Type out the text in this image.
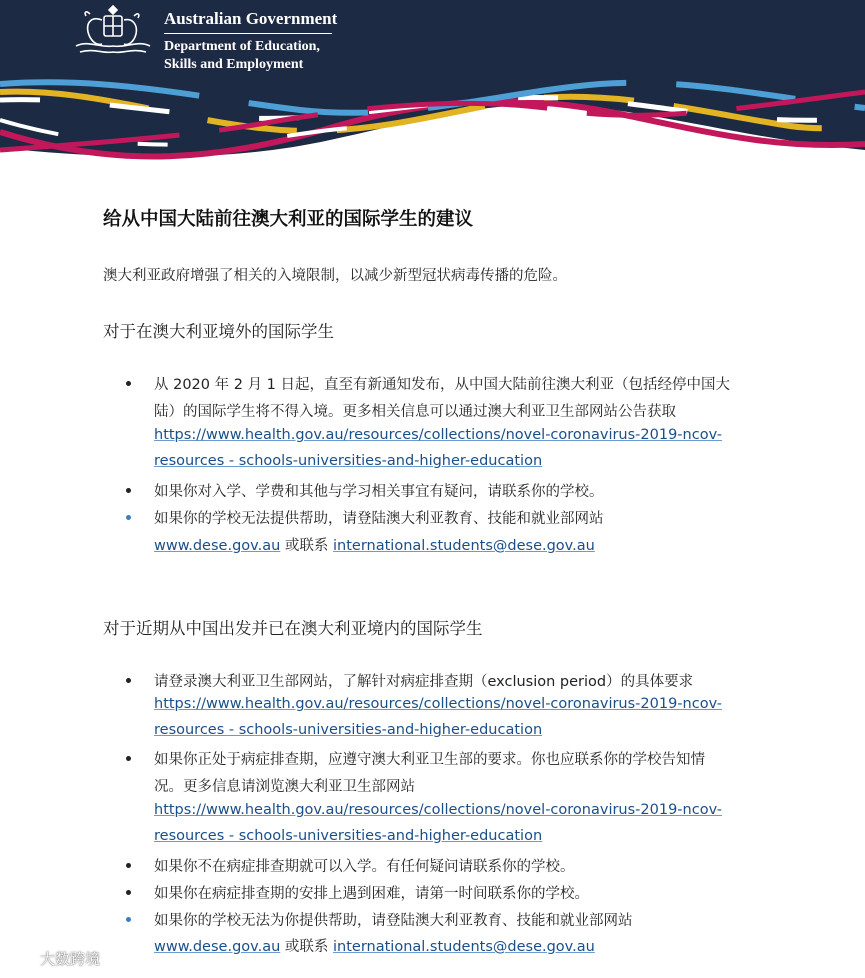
Australian Government
Department of Education,
Skills and Employment
给从中国大陆前往澳大利亚的国际学生的建议
澳大利亚政府增强了相关的入境限制，以减少新型冠状病毒传播的危险。
对于在澳大利亚境外的国际学生
从 2020 年 2 月 1 日起，直至有新通知发布，从中国大陆前往澳大利亚（包括经停中国大
陆）的国际学生将不得入境。更多相关信息可以通过澳大利亚卫生部网站公告获取
https://www.health.gov.au/resources/collections/novel-coronavirus-2019-ncov-
resources - schools-universities-and-higher-education
如果你对入学、学费和其他与学习相关事宜有疑问，请联系你的学校。
如果你的学校无法提供帮助，请登陆澳大利亚教育、技能和就业部网站
www.dese.gov.au 或联系 international.students@dese.gov.au
对于近期从中国出发并已在澳大利亚境内的国际学生
请登录澳大利亚卫生部网站，了解针对病症排查期（exclusion period）的具体要求
https://www.health.gov.au/resources/collections/novel-coronavirus-2019-ncov-
resources - schools-universities-and-higher-education
如果你正处于病症排查期，应遵守澳大利亚卫生部的要求。你也应联系你的学校告知情
况。更多信息请浏览澳大利亚卫生部网站
https://www.health.gov.au/resources/collections/novel-coronavirus-2019-ncov-
resources - schools-universities-and-higher-education
如果你不在病症排查期就可以入学。有任何疑问请联系你的学校。
如果你在病症排查期的安排上遇到困难，请第一时间联系你的学校。
如果你的学校无法为你提供帮助，请登陆澳大利亚教育、技能和就业部网站
www.dese.gov.au 或联系 international.students@dese.gov.au
大数跨境
